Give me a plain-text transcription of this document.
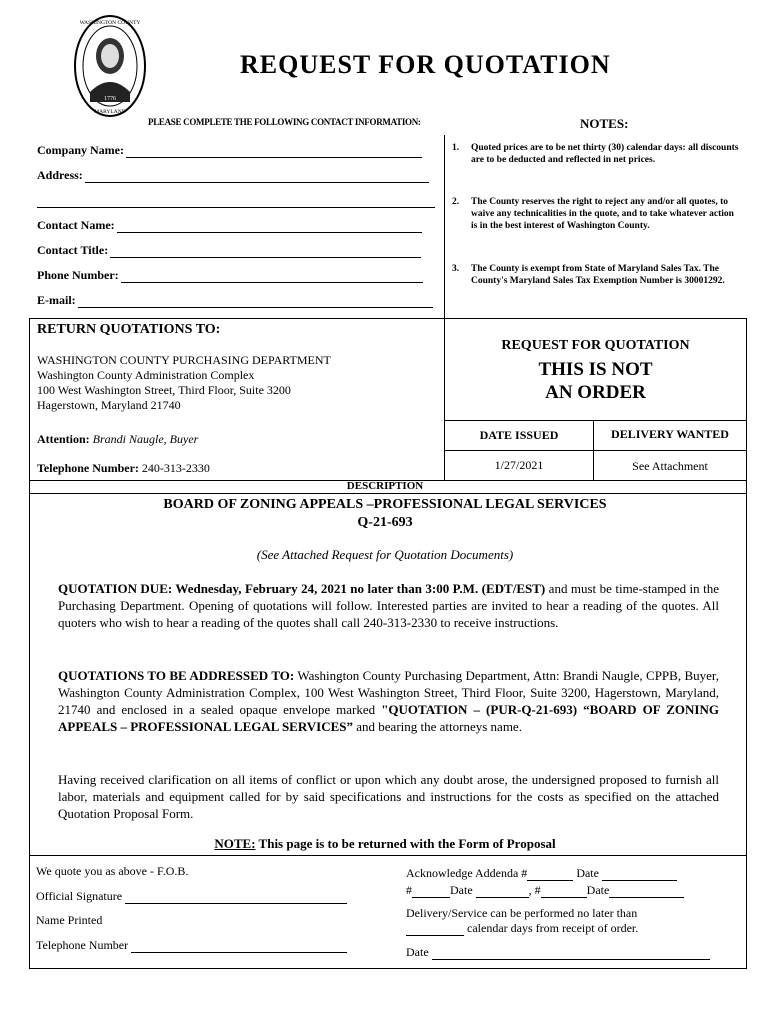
1776
WASHINGTON COUNTY
MARYLAND
REQUEST FOR QUOTATION
PLEASE COMPLETE THE FOLLOWING CONTACT INFORMATION:	NOTES:
Company Name:
Address:
Contact Name:
Contact Title:
Phone Number:
E-mail:
1. Quoted prices are to be net thirty (30) calendar days: all discounts are to be deducted and reflected in net prices.
2. The County reserves the right to reject any and/or all quotes, to waive any technicalities in the quote, and to take whatever action is in the best interest of Washington County.
3. The County is exempt from State of Maryland Sales Tax. The County's Maryland Sales Tax Exemption Number is 30001292.
RETURN QUOTATIONS TO:
WASHINGTON COUNTY PURCHASING DEPARTMENT
Washington County Administration Complex
100 West Washington Street, Third Floor, Suite 3200
Hagerstown, Maryland 21740
Attention: Brandi Naugle, Buyer
Telephone Number: 240-313-2330
REQUEST FOR QUOTATION
THIS IS NOT
AN ORDER
DATE ISSUED	DELIVERY WANTED
1/27/2021	See Attachment
DESCRIPTION
BOARD OF ZONING APPEALS –PROFESSIONAL LEGAL SERVICES
Q-21-693
(See Attached Request for Quotation Documents)
QUOTATION DUE: Wednesday, February 24, 2021 no later than 3:00 P.M. (EDT/EST) and must be time-stamped in the Purchasing Department. Opening of quotations will follow. Interested parties are invited to hear a reading of the quotes. All quoters who wish to hear a reading of the quotes shall call 240-313-2330 to receive instructions.
QUOTATIONS TO BE ADDRESSED TO: Washington County Purchasing Department, Attn: Brandi Naugle, CPPB, Buyer, Washington County Administration Complex, 100 West Washington Street, Third Floor, Suite 3200, Hagerstown, Maryland, 21740 and enclosed in a sealed opaque envelope marked "QUOTATION – (PUR-Q-21-693) “BOARD OF ZONING APPEALS – PROFESSIONAL LEGAL SERVICES” and bearing the attorneys name.
Having received clarification on all items of conflict or upon which any doubt arose, the undersigned proposed to furnish all labor, materials and equipment called for by said specifications and instructions for the costs as specified on the attached Quotation Proposal Form.
NOTE: This page is to be returned with the Form of Proposal
We quote you as above - F.O.B.
Official Signature
Name Printed
Telephone Number
Acknowledge Addenda #	Date
#	Date	, #	Date
Delivery/Service can be performed no later than
calendar days from receipt of order.
Date
